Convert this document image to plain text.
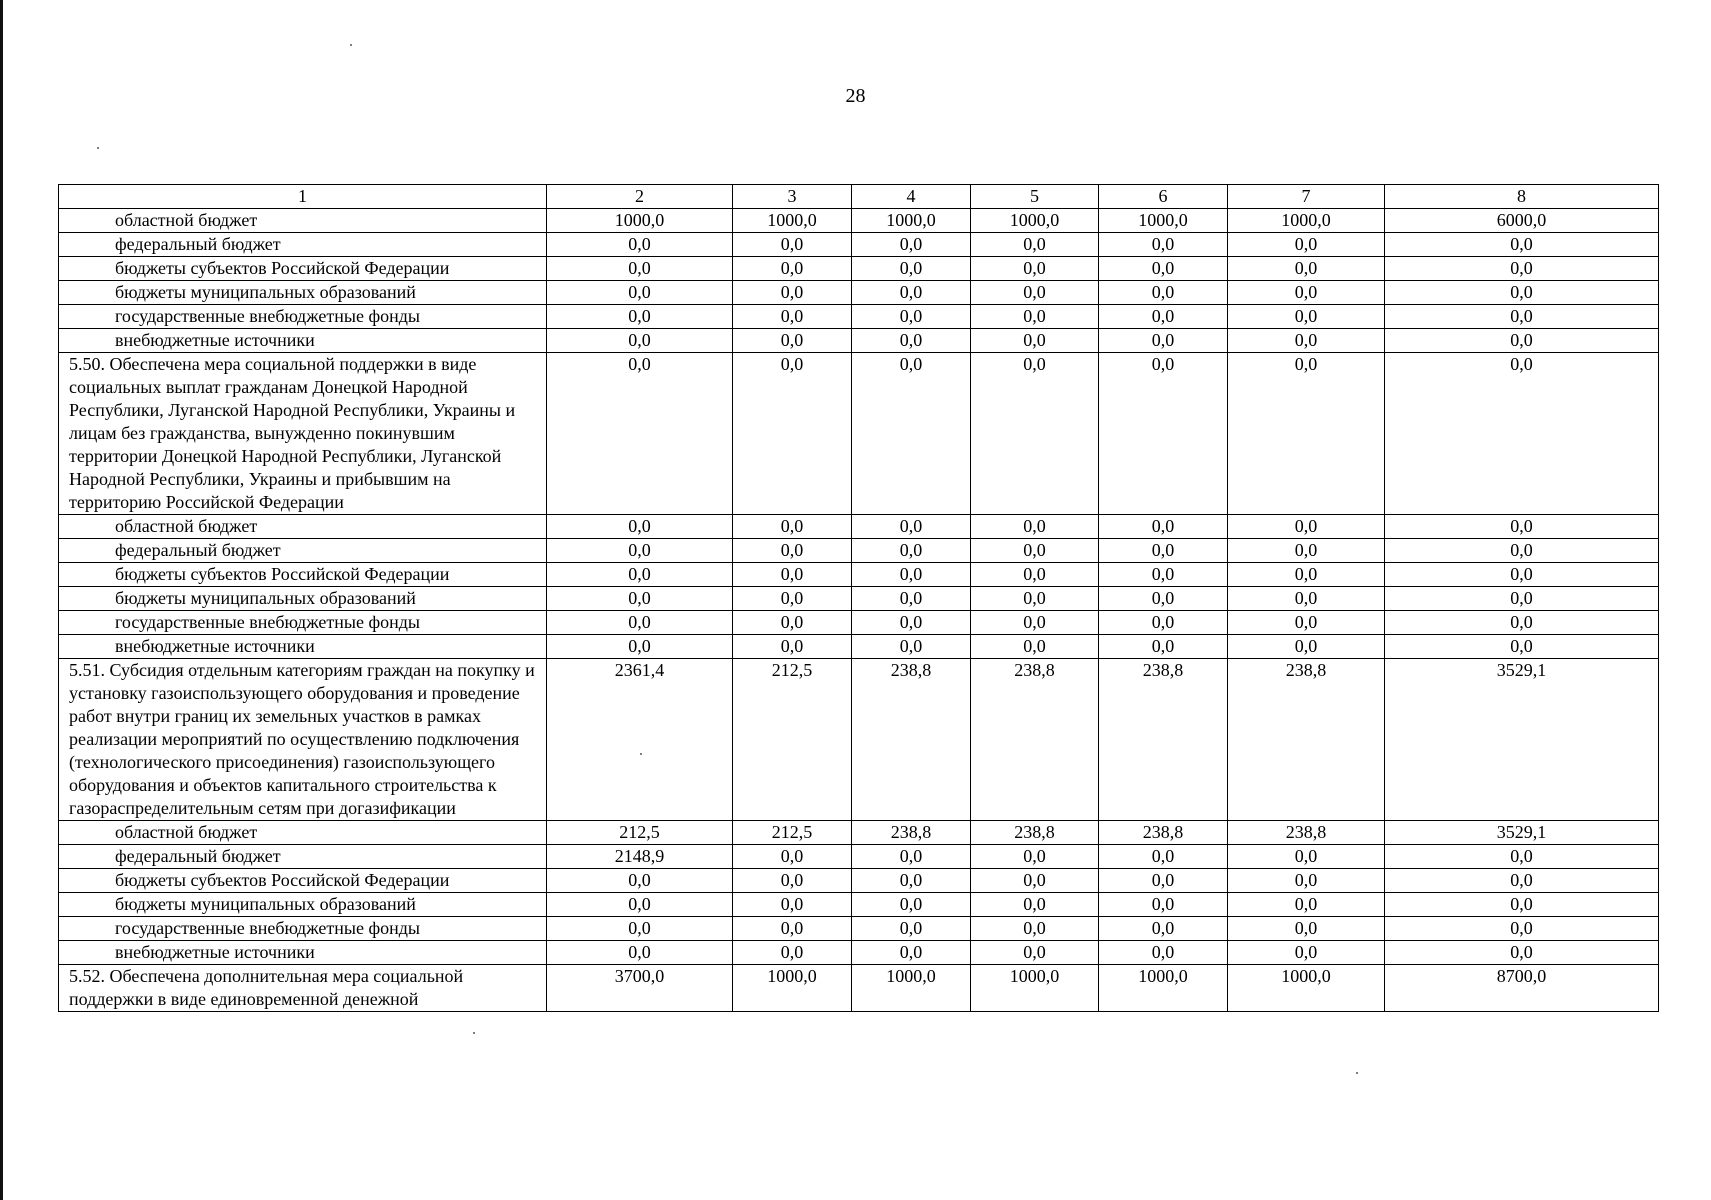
28
1	2	3	4	5	6	7	8
областной бюджет	1000,0	1000,0	1000,0	1000,0	1000,0	1000,0	6000,0
федеральный бюджет	0,0	0,0	0,0	0,0	0,0	0,0	0,0
бюджеты субъектов Российской Федерации	0,0	0,0	0,0	0,0	0,0	0,0	0,0
бюджеты муниципальных образований	0,0	0,0	0,0	0,0	0,0	0,0	0,0
государственные внебюджетные фонды	0,0	0,0	0,0	0,0	0,0	0,0	0,0
внебюджетные источники	0,0	0,0	0,0	0,0	0,0	0,0	0,0
5.50. Обеспечена мера социальной поддержки в виде социальных выплат гражданам Донецкой Народной Республики, Луганской Народной Республики, Украины и лицам без гражданства, вынужденно покинувшим территории Донецкой Народной Республики, Луганской Народной Республики, Украины и прибывшим на территорию Российской Федерации	0,0	0,0	0,0	0,0	0,0	0,0	0,0
областной бюджет	0,0	0,0	0,0	0,0	0,0	0,0	0,0
федеральный бюджет	0,0	0,0	0,0	0,0	0,0	0,0	0,0
бюджеты субъектов Российской Федерации	0,0	0,0	0,0	0,0	0,0	0,0	0,0
бюджеты муниципальных образований	0,0	0,0	0,0	0,0	0,0	0,0	0,0
государственные внебюджетные фонды	0,0	0,0	0,0	0,0	0,0	0,0	0,0
внебюджетные источники	0,0	0,0	0,0	0,0	0,0	0,0	0,0
5.51. Субсидия отдельным категориям граждан на покупку и установку газоиспользующего оборудования и проведение работ внутри границ их земельных участков в рамках реализации мероприятий по осуществлению подключения (технологического присоединения) газоиспользующего оборудования и объектов капитального строительства к газораспределительным сетям при догазификации	2361,4	212,5	238,8	238,8	238,8	238,8	3529,1
областной бюджет	212,5	212,5	238,8	238,8	238,8	238,8	3529,1
федеральный бюджет	2148,9	0,0	0,0	0,0	0,0	0,0	0,0
бюджеты субъектов Российской Федерации	0,0	0,0	0,0	0,0	0,0	0,0	0,0
бюджеты муниципальных образований	0,0	0,0	0,0	0,0	0,0	0,0	0,0
государственные внебюджетные фонды	0,0	0,0	0,0	0,0	0,0	0,0	0,0
внебюджетные источники	0,0	0,0	0,0	0,0	0,0	0,0	0,0
5.52. Обеспечена дополнительная мера социальной поддержки в виде единовременной денежной	3700,0	1000,0	1000,0	1000,0	1000,0	1000,0	8700,0
